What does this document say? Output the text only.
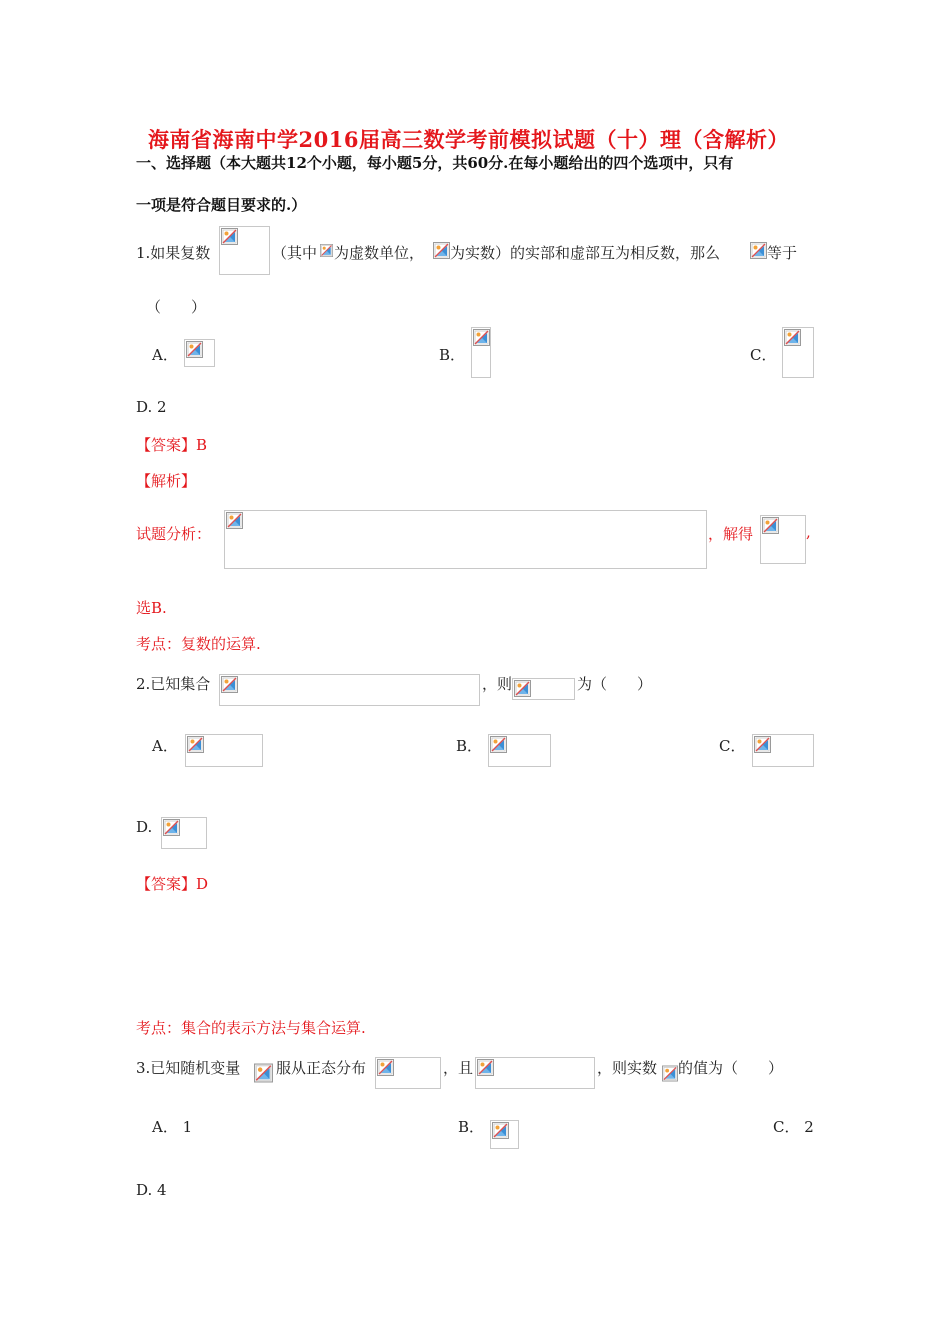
海南省海南中学2016届高三数学考前模拟试题（十）理（含解析）
一、选择题（本大题共12个小题，每小题5分，共60分.在每小题给出的四个选项中，只有
一项是符合题目要求的.）
1.如果复数	（其中 为虚数单位， 为实数）的实部和虚部互为相反数，那么	等于
（　　）
A．	B．	C．
D. 2
【答案】B
【解析】
试题分析：	，解得	,
选B.
考点：复数的运算.
2.已知集合	，则	为（　　）
A．	B．	C．
D.
【答案】D
考点：集合的表示方法与集合运算.
3.已知随机变量 服从正态分布	，且	，则实数 的值为（　　）
A． 1	B．	C． 2
D. 4
